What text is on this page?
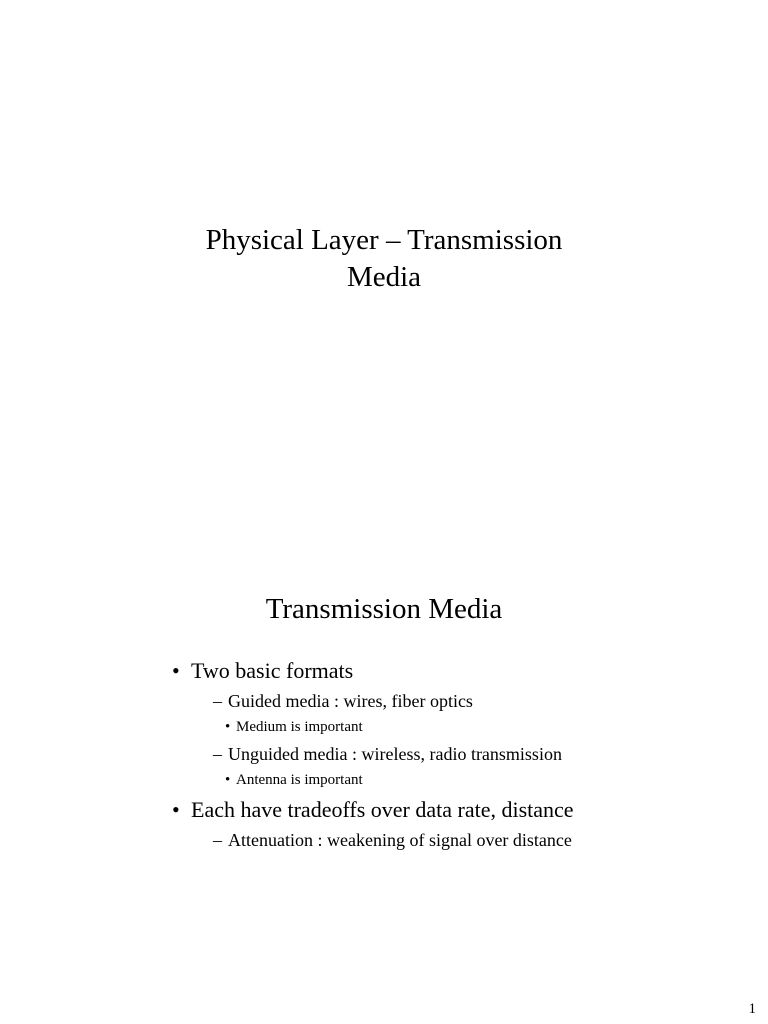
Physical Layer – Transmission
Media
Transmission Media
• Two basic formats
– Guided media : wires, fiber optics
• Medium is important
– Unguided media : wireless, radio transmission
• Antenna is important
• Each have tradeoffs over data rate, distance
– Attenuation : weakening of signal over distance
1
